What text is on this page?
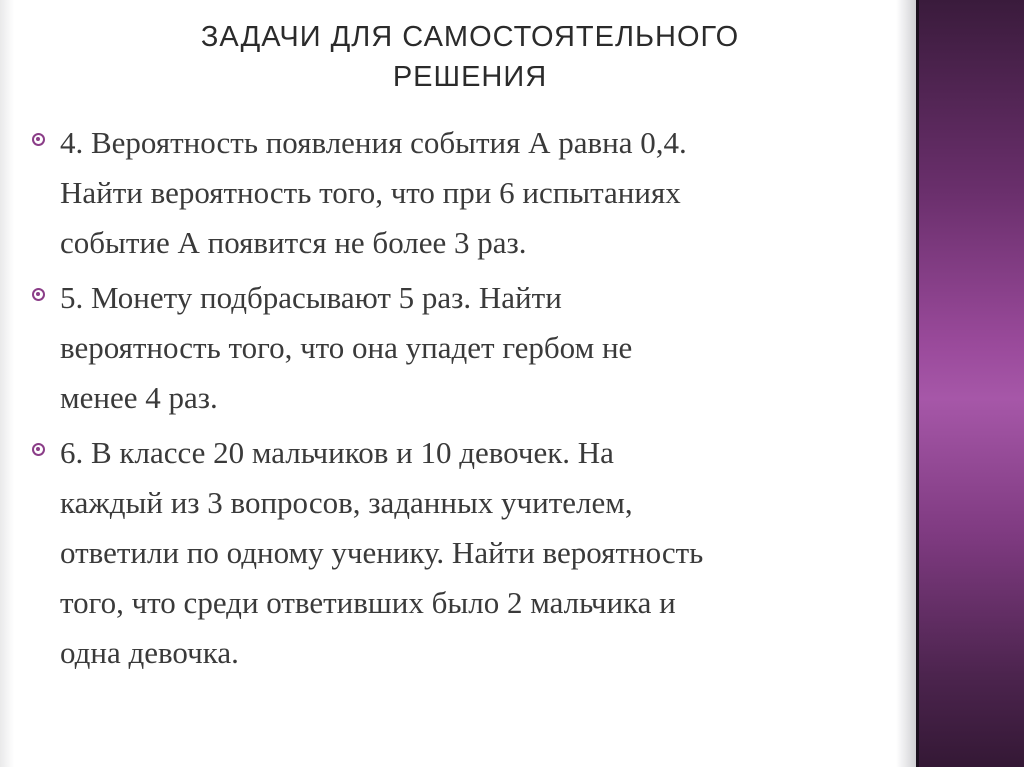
ЗАДАЧИ ДЛЯ САМОСТОЯТЕЛЬНОГО
РЕШЕНИЯ
4. Вероятность появления события А равна 0,4.
Найти вероятность того, что при 6 испытаниях
событие А появится не более 3 раз.
5. Монету подбрасывают 5 раз. Найти
вероятность того, что она упадет гербом не
менее 4 раз.
6. В классе 20 мальчиков и 10 девочек. На
каждый из 3 вопросов, заданных учителем,
ответили по одному ученику. Найти вероятность
того, что среди ответивших было 2 мальчика и
одна девочка.
